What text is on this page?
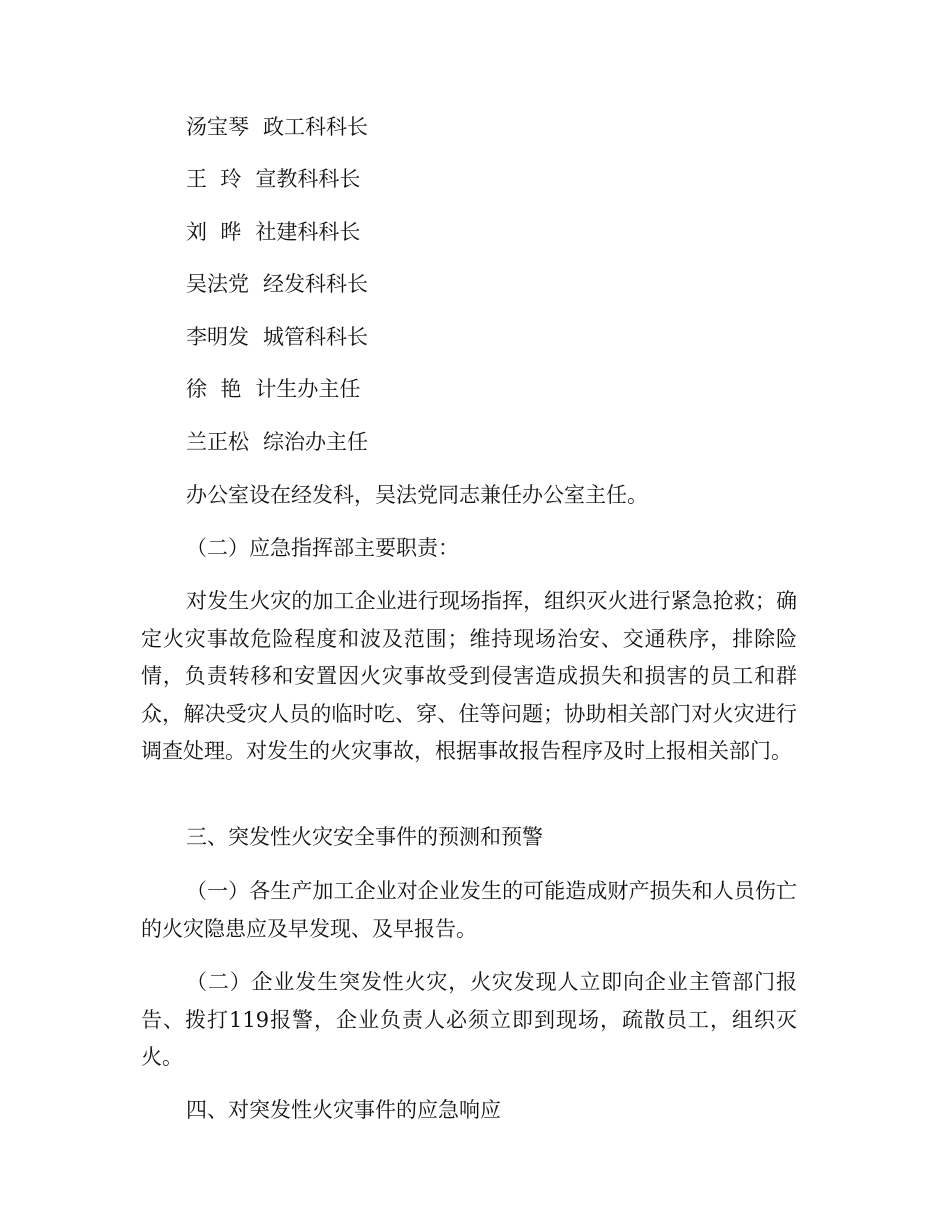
汤宝琴 政工科科长
王  玲 宣教科科长
刘  晔 社建科科长
吴法党 经发科科长
李明发 城管科科长
徐  艳 计生办主任
兰正松 综治办主任
办公室设在经发科，吴法党同志兼任办公室主任。
（二）应急指挥部主要职责：
对发生火灾的加工企业进行现场指挥，组织灭火进行紧急抢救；确定火灾事故危险程度和波及范围；维持现场治安、交通秩序，排除险情，负责转移和安置因火灾事故受到侵害造成损失和损害的员工和群众，解决受灾人员的临时吃、穿、住等问题；协助相关部门对火灾进行调查处理。对发生的火灾事故，根据事故报告程序及时上报相关部门。
三、突发性火灾安全事件的预测和预警
（一）各生产加工企业对企业发生的可能造成财产损失和人员伤亡的火灾隐患应及早发现、及早报告。
（二）企业发生突发性火灾，火灾发现人立即向企业主管部门报告、拨打119报警，企业负责人必须立即到现场，疏散员工，组织灭火。
四、对突发性火灾事件的应急响应
